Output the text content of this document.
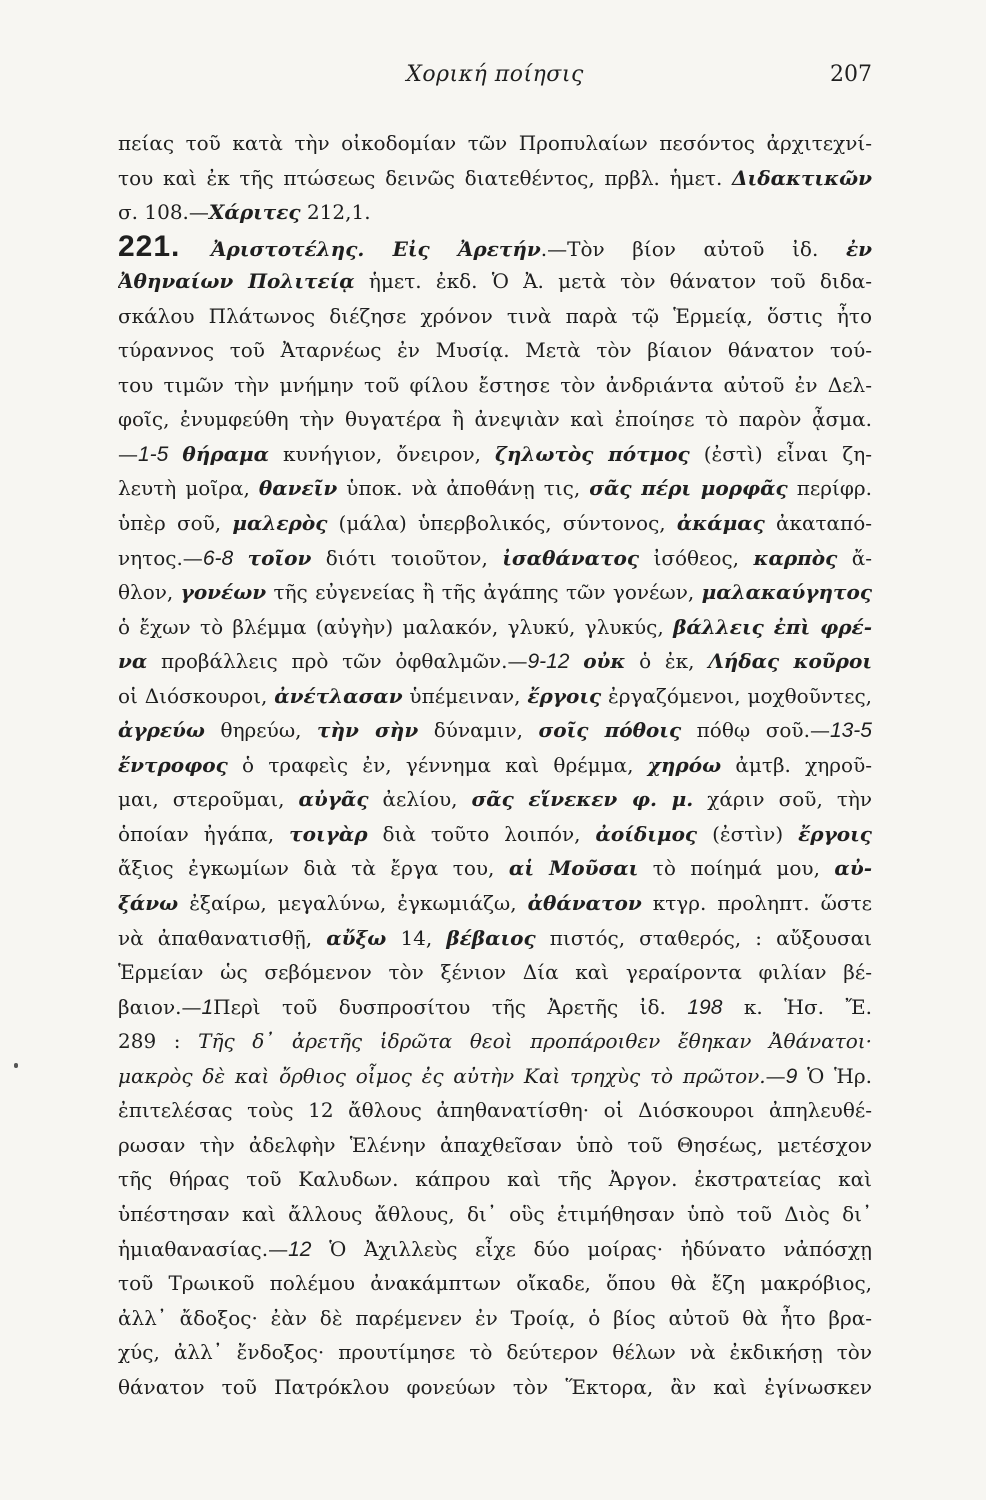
Χορική ποίησις	207
πείας τοῦ κατὰ τὴν οἰκοδομίαν τῶν Προπυλαίων πεσόντος ἀρχιτεχνί-
του καὶ ἐκ τῆς πτώσεως δεινῶς διατεθέντος, πρβλ. ἡμετ. Διδακτικῶν
σ. 108.—Χάριτες 212,1.
221. Ἀριστοτέλης. Εἰς Ἀρετήν.—Τὸν βίον αὐτοῦ ἰδ. ἐν
Ἀθηναίων Πολιτείᾳ ἡμετ. ἐκδ. Ὁ Ἀ. μετὰ τὸν θάνατον τοῦ διδα-
σκάλου Πλάτωνος διέζησε χρόνον τινὰ παρὰ τῷ Ἑρμείᾳ, ὅστις ἦτο
τύραννος τοῦ Ἀταρνέως ἐν Μυσίᾳ. Μετὰ τὸν βίαιον θάνατον τού-
του τιμῶν τὴν μνήμην τοῦ φίλου ἔστησε τὸν ἀνδριάντα αὐτοῦ ἐν Δελ-
φοῖς, ἐνυμφεύθη τὴν θυγατέρα ἢ ἀνεψιὰν καὶ ἐποίησε τὸ παρὸν ᾆσμα.
—1-5 θήραμα κυνήγιον, ὄνειρον, ζηλωτὸς πότμος (ἐστὶ) εἶναι ζη-
λευτὴ μοῖρα, θανεῖν ὑποκ. νὰ ἀποθάνῃ τις, σᾶς πέρι μορφᾶς περίφρ.
ὑπὲρ σοῦ, μαλερὸς (μάλα) ὑπερβολικός, σύντονος, ἀκάμας ἀκαταπό-
νητος.—6-8 τοῖον διότι τοιοῦτον, ἰσαθάνατος ἰσόθεος, καρπὸς ἄ-
θλον, γονέων τῆς εὐγενείας ἢ τῆς ἀγάπης τῶν γονέων, μαλακαύγητος
ὁ ἔχων τὸ βλέμμα (αὐγὴν) μαλακόν, γλυκύ, γλυκύς, βάλλεις ἐπὶ φρέ-
να προβάλλεις πρὸ τῶν ὀφθαλμῶν.—9-12 οὐκ ὁ ἐκ, Λήδας κοῦροι
οἱ Διόσκουροι, ἀνέτλασαν ὑπέμειναν, ἔργοις ἐργαζόμενοι, μοχθοῦντες,
ἀγρεύω θηρεύω, τὴν σὴν δύναμιν, σοῖς πόθοις πόθῳ σοῦ.—13-5
ἔντροφος ὁ τραφεὶς ἐν, γέννημα καὶ θρέμμα, χηρόω ἀμτβ. χηροῦ-
μαι, στεροῦμαι, αὐγᾶς ἀελίου, σᾶς εἵνεκεν φ. μ. χάριν σοῦ, τὴν
ὁποίαν ἠγάπα, τοιγὰρ διὰ τοῦτο λοιπόν, ἀοίδιμος (ἐστὶν) ἔργοις
ἄξιος ἐγκωμίων διὰ τὰ ἔργα του, αἱ Μοῦσαι τὸ ποίημά μου, αὐ-
ξάνω ἐξαίρω, μεγαλύνω, ἐγκωμιάζω, ἀθάνατον κτγρ. προληπτ. ὥστε
νὰ ἀπαθανατισθῇ, αὔξω 14, βέβαιος πιστός, σταθερός, : αὔξουσαι
Ἑρμείαν ὡς σεβόμενον τὸν ξένιον Δία καὶ γεραίροντα φιλίαν βέ-
βαιον.—1Περὶ τοῦ δυσπροσίτου τῆς Ἀρετῆς ἰδ. 198 κ. Ἡσ. Ἔ.
289 : Τῆς δ᾿ ἀρετῆς ἱδρῶτα θεοὶ προπάροιθεν ἔθηκαν Ἀθάνατοι·
μακρὸς δὲ καὶ ὄρθιος οἶμος ἐς αὐτὴν Καὶ τρηχὺς τὸ πρῶτον.—9 Ὁ Ἡρ.
ἐπιτελέσας τοὺς 12 ἄθλους ἀπηθανατίσθη· οἱ Διόσκουροι ἀπηλευθέ-
ρωσαν τὴν ἀδελφὴν Ἑλένην ἀπαχθεῖσαν ὑπὸ τοῦ Θησέως, μετέσχον
τῆς θήρας τοῦ Καλυδων. κάπρου καὶ τῆς Ἀργον. ἐκστρατείας καὶ
ὑπέστησαν καὶ ἄλλους ἄθλους, δι᾿ οὓς ἐτιμήθησαν ὑπὸ τοῦ Διὸς δι᾿
ἡμιαθανασίας.—12 Ὁ Ἀχιλλεὺς εἶχε δύο μοίρας· ἠδύνατο νἀπόσχῃ
τοῦ Τρωικοῦ πολέμου ἀνακάμπτων οἴκαδε, ὅπου θὰ ἔζη μακρόβιος,
ἀλλ᾿ ἄδοξος· ἐὰν δὲ παρέμενεν ἐν Τροίᾳ, ὁ βίος αὐτοῦ θὰ ἦτο βρα-
χύς, ἀλλ᾿ ἔνδοξος· προυτίμησε τὸ δεύτερον θέλων νὰ ἐκδικήσῃ τὸν
θάνατον τοῦ Πατρόκλου φονεύων τὸν Ἕκτορα, ἂν καὶ ἐγίνωσκεν
